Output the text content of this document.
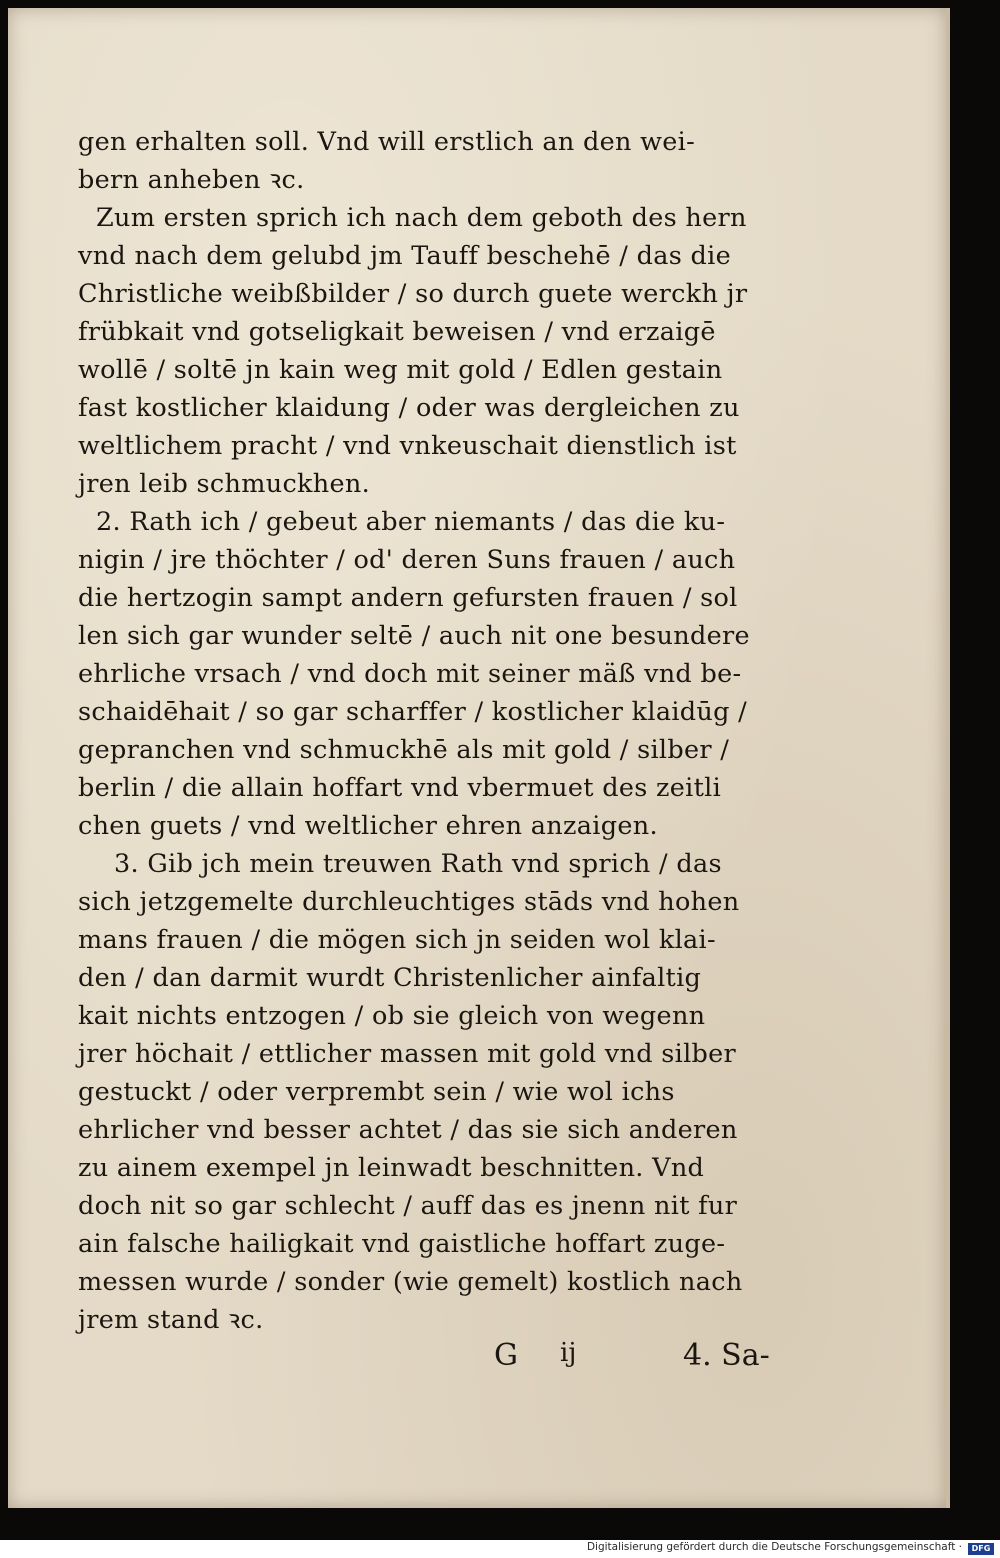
gen erhalten soll. Vnd will erstlich an den wei-
bern anheben ꝛc.
Zum ersten sprich ich nach dem geboth des hern
vnd nach dem gelubd jm Tauff beschehē / das die
Christliche weibßbilder / so durch guete werckh jr
frübkait vnd gotseligkait beweisen / vnd erzaigē
wollē / soltē jn kain weg mit gold / Edlen gestain
fast kostlicher klaidung / oder was dergleichen zu
weltlichem pracht / vnd vnkeuschait dienstlich ist
jren leib schmuckhen.
2. Rath ich / gebeut aber niemants / das die ku-
nigin / jre thöchter / od' deren Suns frauen / auch
die hertzogin sampt andern gefursten frauen / sol
len sich gar wunder seltē / auch nit one besundere
ehrliche vrsach / vnd doch mit seiner mäß vnd be-
schaidēhait / so gar scharffer / kostlicher klaidūg /
gepranchen vnd schmuckhē als mit gold / silber /
berlin / die allain hoffart vnd vbermuet des zeitli
chen guets / vnd weltlicher ehren anzaigen.
3. Gib jch mein treuwen Rath vnd sprich / das
sich jetzgemelte durchleuchtiges stāds vnd hohen
mans frauen / die mögen sich jn seiden wol klai-
den / dan darmit wurdt Christenlicher ainfaltig
kait nichts entzogen / ob sie gleich von wegenn
jrer höchait / ettlicher massen mit gold vnd silber
gestuckt / oder verprembt sein / wie wol ichs
ehrlicher vnd besser achtet / das sie sich anderen
zu ainem exempel jn leinwadt beschnitten. Vnd
doch nit so gar schlecht / auff das es jnenn nit fur
ain falsche hailigkait vnd gaistliche hoffart zuge-
messen wurde / sonder (wie gemelt) kostlich nach
jrem stand ꝛc.
G ij	4. Sa-
Digitalisierung gefördert durch die Deutsche Forschungsgemeinschaft ·	DFG
